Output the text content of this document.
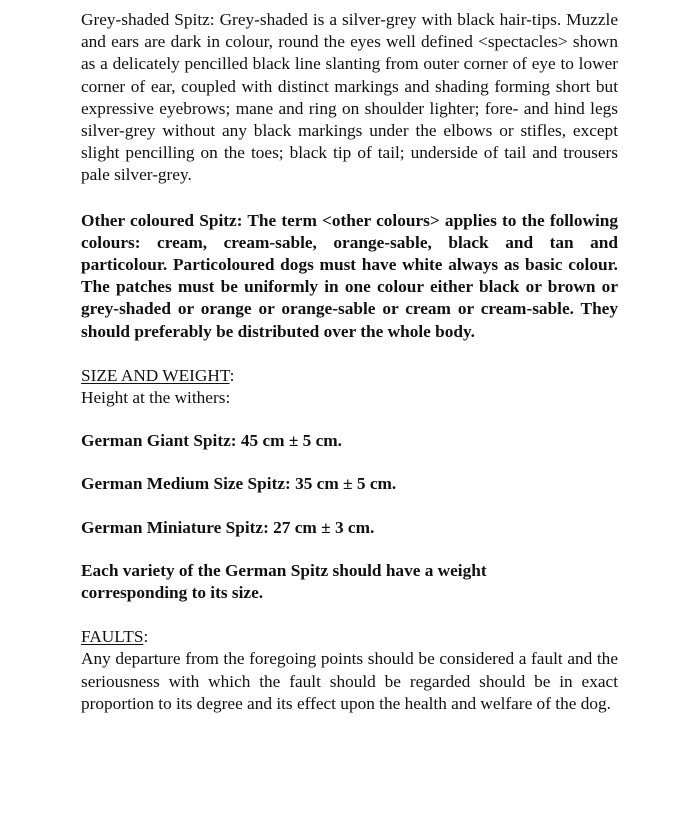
Grey-shaded Spitz: Grey-shaded is a silver-grey with black hair-tips. Muzzle and ears are dark in colour, round the eyes well defined <spectacles> shown as a delicately pencilled black line slanting from outer corner of eye to lower corner of ear, coupled with distinct markings and shading forming short but expressive eyebrows; mane and ring on shoulder lighter; fore- and hind legs silver-grey without any black markings under the elbows or stifles, except slight pencilling on the toes; black tip of tail; underside of tail and trousers pale silver-grey.

Other coloured Spitz: The term <other colours> applies to the following colours: cream, cream-sable, orange-sable, black and tan and particolour. Particoloured dogs must have white always as basic colour. The patches must be uniformly in one colour either black or brown or grey-shaded or orange or orange-sable or cream or cream-sable. They should preferably be distributed over the whole body.

SIZE AND WEIGHT:

Height at the withers:

German Giant Spitz: 45 cm ± 5 cm.

German Medium Size Spitz: 35 cm ± 5 cm.

German Miniature Spitz: 27 cm ± 3 cm.

Each variety of the German Spitz should have a weight corresponding to its size.

FAULTS:

Any departure from the foregoing points should be considered a fault and the seriousness with which the fault should be regarded should be in exact proportion to its degree and its effect upon the health and welfare of the dog.
